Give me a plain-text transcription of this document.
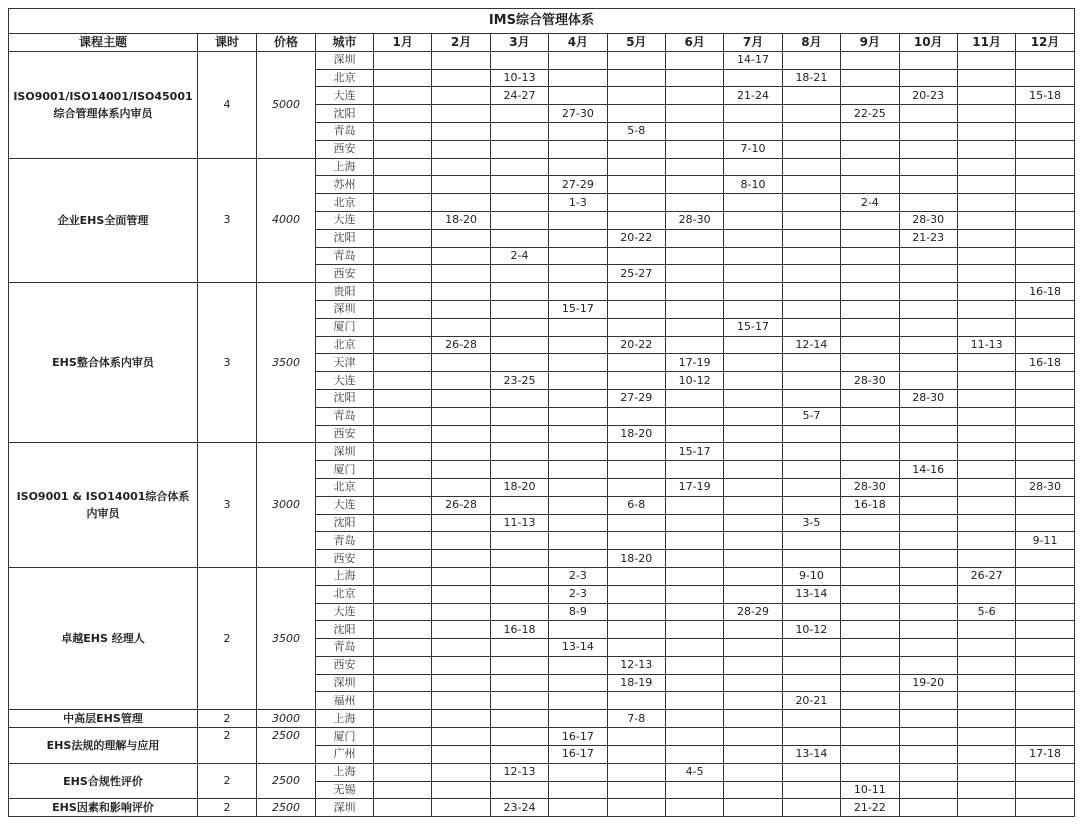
IMS综合管理体系															
课程主题	课时	价格	城市	1月	2月	3月	4月	5月	6月	7月	8月	9月	10月	11月	12月
ISO9001/ISO14001/ISO45001综合管理体系内审员	4	5000	深圳							14-17					
			北京			10-13					18-21				
			大连			24-27				21-24			20-23		15-18
			沈阳				27-30					22-25			
			青岛					5-8							
			西安							7-10					
企业EHS全面管理	3	4000	上海												
			苏州				27-29			8-10					
			北京				1-3					2-4			
			大连		18-20				28-30				28-30		
			沈阳					20-22					21-23		
			青岛			2-4									
			西安					25-27							
EHS整合体系内审员	3	3500	贵阳												16-18
			深圳				15-17								
			厦门							15-17					
			北京		26-28			20-22			12-14			11-13	
			天津						17-19						16-18
			大连			23-25			10-12			28-30			
			沈阳					27-29					28-30		
			青岛								5-7				
			西安					18-20							
ISO9001 & ISO14001综合体系内审员	3	3000	深圳						15-17						
			厦门										14-16		
			北京			18-20			17-19			28-30			28-30
			大连		26-28			6-8				16-18			
			沈阳			11-13					3-5				
			青岛												9-11
			西安					18-20							
卓越EHS 经理人	2	3500	上海				2-3				9-10			26-27	
			北京				2-3				13-14				
			大连				8-9			28-29				5-6	
			沈阳			16-18					10-12				
			青岛				13-14								
			西安					12-13							
			深圳					18-19					19-20		
			福州								20-21				
中高层EHS管理	2	3000	上海					7-8							
EHS法规的理解与应用	2	2500	厦门				16-17								
			广州				16-17				13-14				17-18
EHS合规性评价	2	2500	上海			12-13			4-5						
			无锡									10-11			
EHS因素和影响评价	2	2500	深圳			23-24						21-22			
